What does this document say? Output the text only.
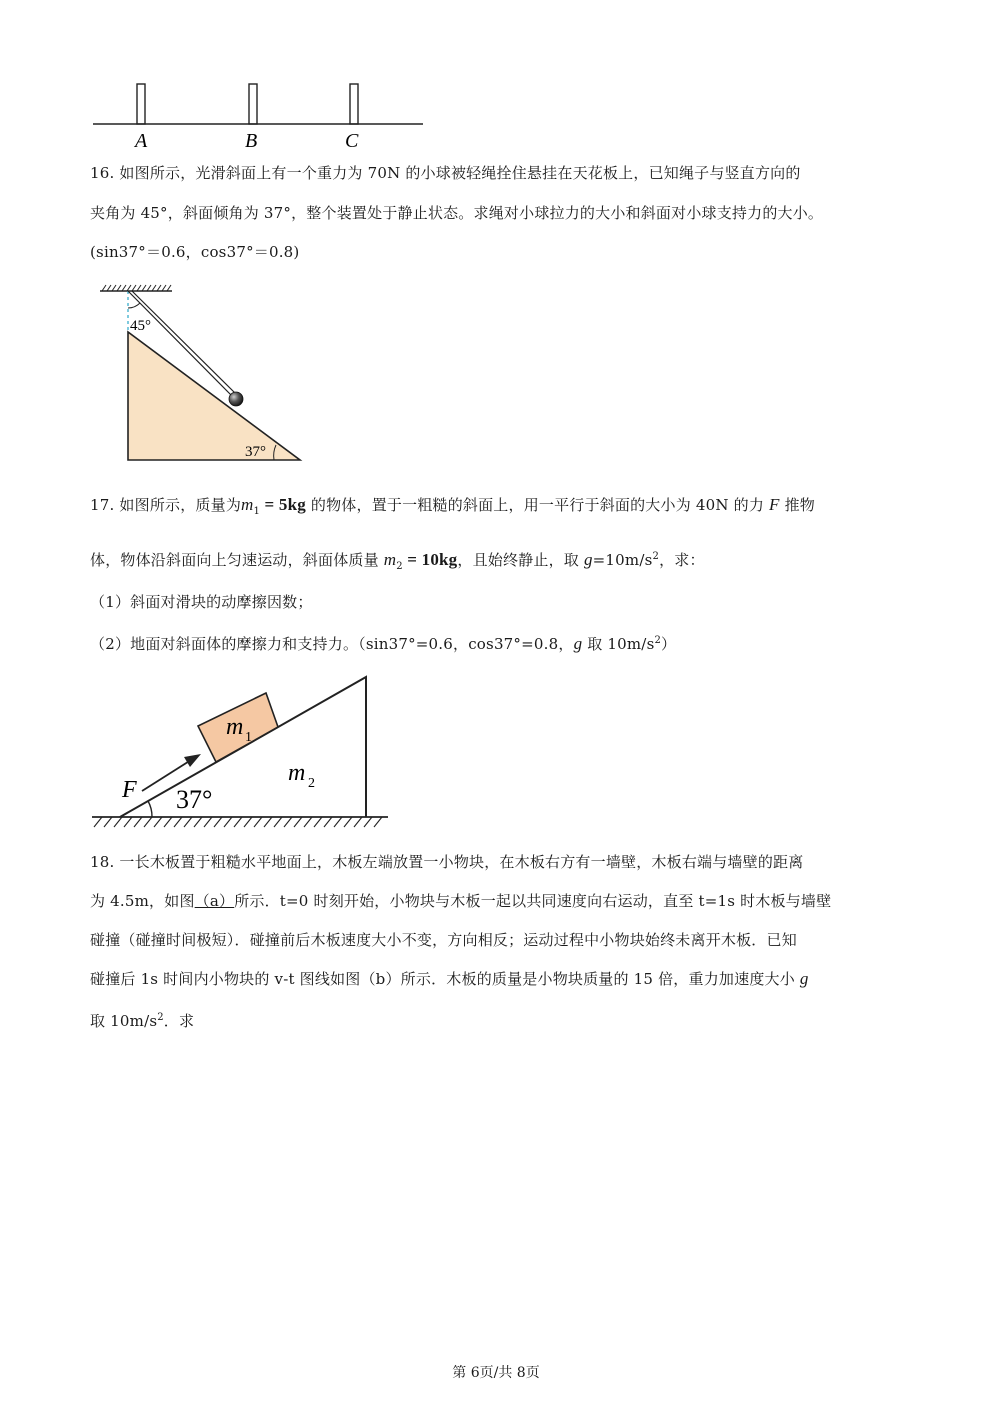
A	B	C
16. 如图所示，光滑斜面上有一个重力为 70N 的小球被轻绳拴住悬挂在天花板上，已知绳子与竖直方向的
夹角为 45°，斜面倾角为 37°，整个装置处于静止状态。求绳对小球拉力的大小和斜面对小球支持力的大小。
(sin37°＝0.6，cos37°＝0.8)
45°
37°
17. 如图所示，质量为$m_1 = 5kg$ 的物体，置于一粗糙的斜面上，用一平行于斜面的大小为 40N 的力 F 推物
体，物体沿斜面向上匀速运动，斜面体质量 $m_2 = 10kg$，且始终静止，取 $g=10m/s^2$，求：
（1）斜面对滑块的动摩擦因数；
（2）地面对斜面体的摩擦力和支持力。（sin37°=0.6，cos37°=0.8，g 取 $10m/s^2$）
m 1
m 2
F 37°
18. 一长木板置于粗糙水平地面上，木板左端放置一小物块，在木板右方有一墙壁，木板右端与墙壁的距离
为 4.5m，如图（a）所示．t=0 时刻开始，小物块与木板一起以共同速度向右运动，直至 t=1s 时木板与墙壁
碰撞（碰撞时间极短）．碰撞前后木板速度大小不变，方向相反；运动过程中小物块始终未离开木板．已知
碰撞后 1s 时间内小物块的 v-t 图线如图（b）所示．木板的质量是小物块质量的 15 倍，重力加速度大小 g
取 $10m/s^2$．求
第 6页/共 8页
